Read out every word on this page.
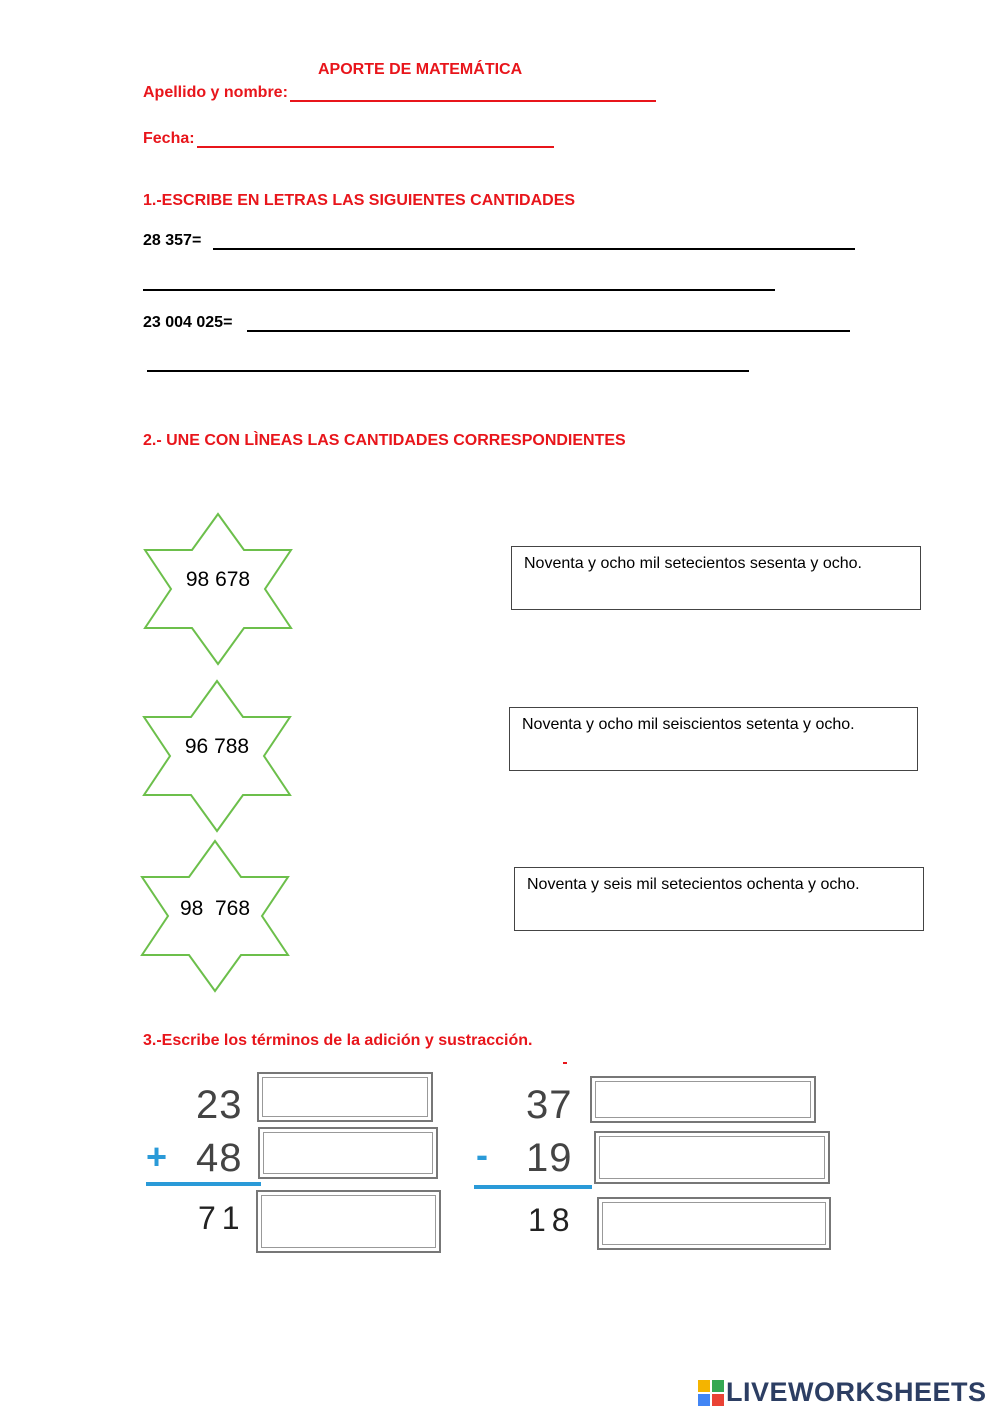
APORTE DE MATEMÁTICA
Apellido y nombre:
Fecha:
1.-ESCRIBE EN LETRAS LAS SIGUIENTES CANTIDADES
28 357=
23 004 025=
2.- UNE CON LÌNEAS LAS CANTIDADES CORRESPONDIENTES
98 678
96 788
98  768
Noventa y ocho mil setecientos sesenta y ocho.
Noventa y ocho mil seiscientos setenta y ocho.
Noventa y seis mil setecientos ochenta y ocho.
3.-Escribe los términos de la adición y sustracción.
23
+ 48
71
37
- 19
18
LIVEWORKSHEETS
